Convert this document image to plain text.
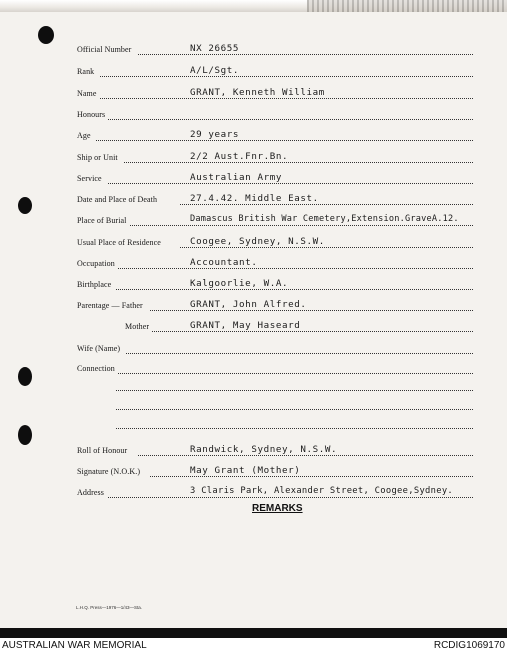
Official Number	NX 26655
Rank	A/L/Sgt.
Name	GRANT, Kenneth William
Honours
Age	29 years
Ship or Unit	2/2 Aust.Fnr.Bn.
Service	Australian Army
Date and Place of Death	27.4.42. Middle East.
Place of Burial	Damascus British War Cemetery,Extension.GraveA.12.
Usual Place of Residence	Coogee, Sydney, N.S.W.
Occupation	Accountant.
Birthplace	Kalgoorlie, W.A.
Parentage — Father	GRANT, John Alfred.
Mother	GRANT, May Haseard
Wife (Name)
Connection
Roll of Honour	Randwick, Sydney, N.S.W.
Signature (N.O.K.)	May Grant (Mother)
Address	3 Claris Park, Alexander Street, Coogee,Sydney.
REMARKS
L.H.Q. Press—1976—1/43—Sta.
AUSTRALIAN WAR MEMORIAL	RCDIG1069170
